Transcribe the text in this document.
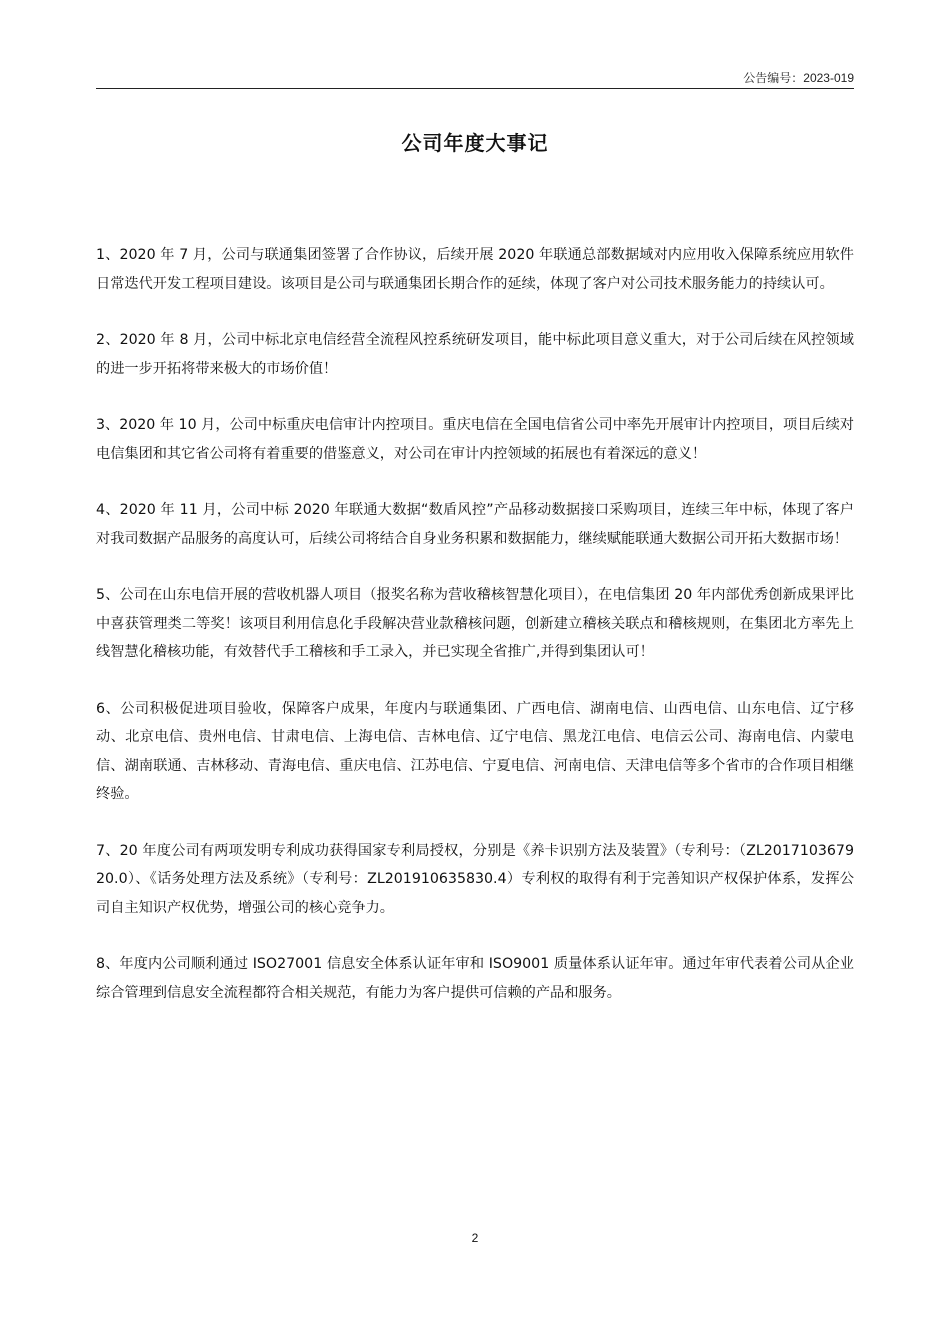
公告编号：2023-019
公司年度大事记

1、2020 年 7 月，公司与联通集团签署了合作协议，后续开展 2020 年联通总部数据域对内应用收入保障系统应用软件日常迭代开发工程项目建设。该项目是公司与联通集团长期合作的延续，体现了客户对公司技术服务能力的持续认可。

2、2020 年 8 月，公司中标北京电信经营全流程风控系统研发项目，能中标此项目意义重大，对于公司后续在风控领域的进一步开拓将带来极大的市场价值！

3、2020 年 10 月，公司中标重庆电信审计内控项目。重庆电信在全国电信省公司中率先开展审计内控项目，项目后续对电信集团和其它省公司将有着重要的借鉴意义，对公司在审计内控领域的拓展也有着深远的意义！

4、2020 年 11 月，公司中标 2020 年联通大数据“数盾风控”产品移动数据接口采购项目，连续三年中标，体现了客户对我司数据产品服务的高度认可，后续公司将结合自身业务积累和数据能力，继续赋能联通大数据公司开拓大数据市场！

5、公司在山东电信开展的营收机器人项目（报奖名称为营收稽核智慧化项目），在电信集团 20 年内部优秀创新成果评比中喜获管理类二等奖！该项目利用信息化手段解决营业款稽核问题，创新建立稽核关联点和稽核规则，在集团北方率先上线智慧化稽核功能，有效替代手工稽核和手工录入，并已实现全省推广,并得到集团认可！

6、公司积极促进项目验收，保障客户成果，年度内与联通集团、广西电信、湖南电信、山西电信、山东电信、辽宁移动、北京电信、贵州电信、甘肃电信、上海电信、吉林电信、辽宁电信、黑龙江电信、电信云公司、海南电信、内蒙电信、湖南联通、吉林移动、青海电信、重庆电信、江苏电信、宁夏电信、河南电信、天津电信等多个省市的合作项目相继终验。

7、20 年度公司有两项发明专利成功获得国家专利局授权，分别是《养卡识别方法及装置》（专利号：（ZL201710367920.0）、《话务处理方法及系统》（专利号：ZL201910635830.4）专利权的取得有利于完善知识产权保护体系，发挥公司自主知识产权优势，增强公司的核心竞争力。

8、年度内公司顺利通过 ISO27001 信息安全体系认证年审和 ISO9001 质量体系认证年审。通过年审代表着公司从企业综合管理到信息安全流程都符合相关规范，有能力为客户提供可信赖的产品和服务。

2
